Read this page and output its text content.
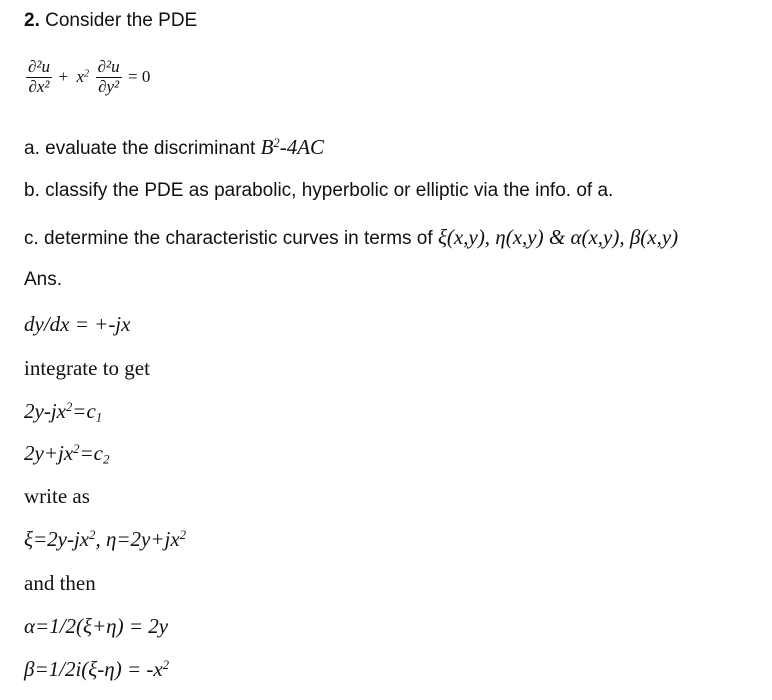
2. Consider the PDE
$\frac{\text{∂²u}}{\text{∂x²}} + x^2 \frac{\text{∂²u}}{\text{∂y²}} = 0$
a. evaluate the discriminant $B^2-4AC$
b. classify the PDE as parabolic, hyperbolic or elliptic via the info. of a.
c. determine the characteristic curves in terms of ξ(x,y), η(x,y) & α(x,y), β(x,y)
Ans.
dy/dx = +-jx
integrate to get
$2y-jx^2=c_1$
$2y+jx^2=c_2$
write as
$\xi=2y-jx^2$, $\eta=2y+jx^2$
and then
α=1/2(ξ+η) = 2y
$\beta=1/2i(\xi-\eta) = -x^2$
